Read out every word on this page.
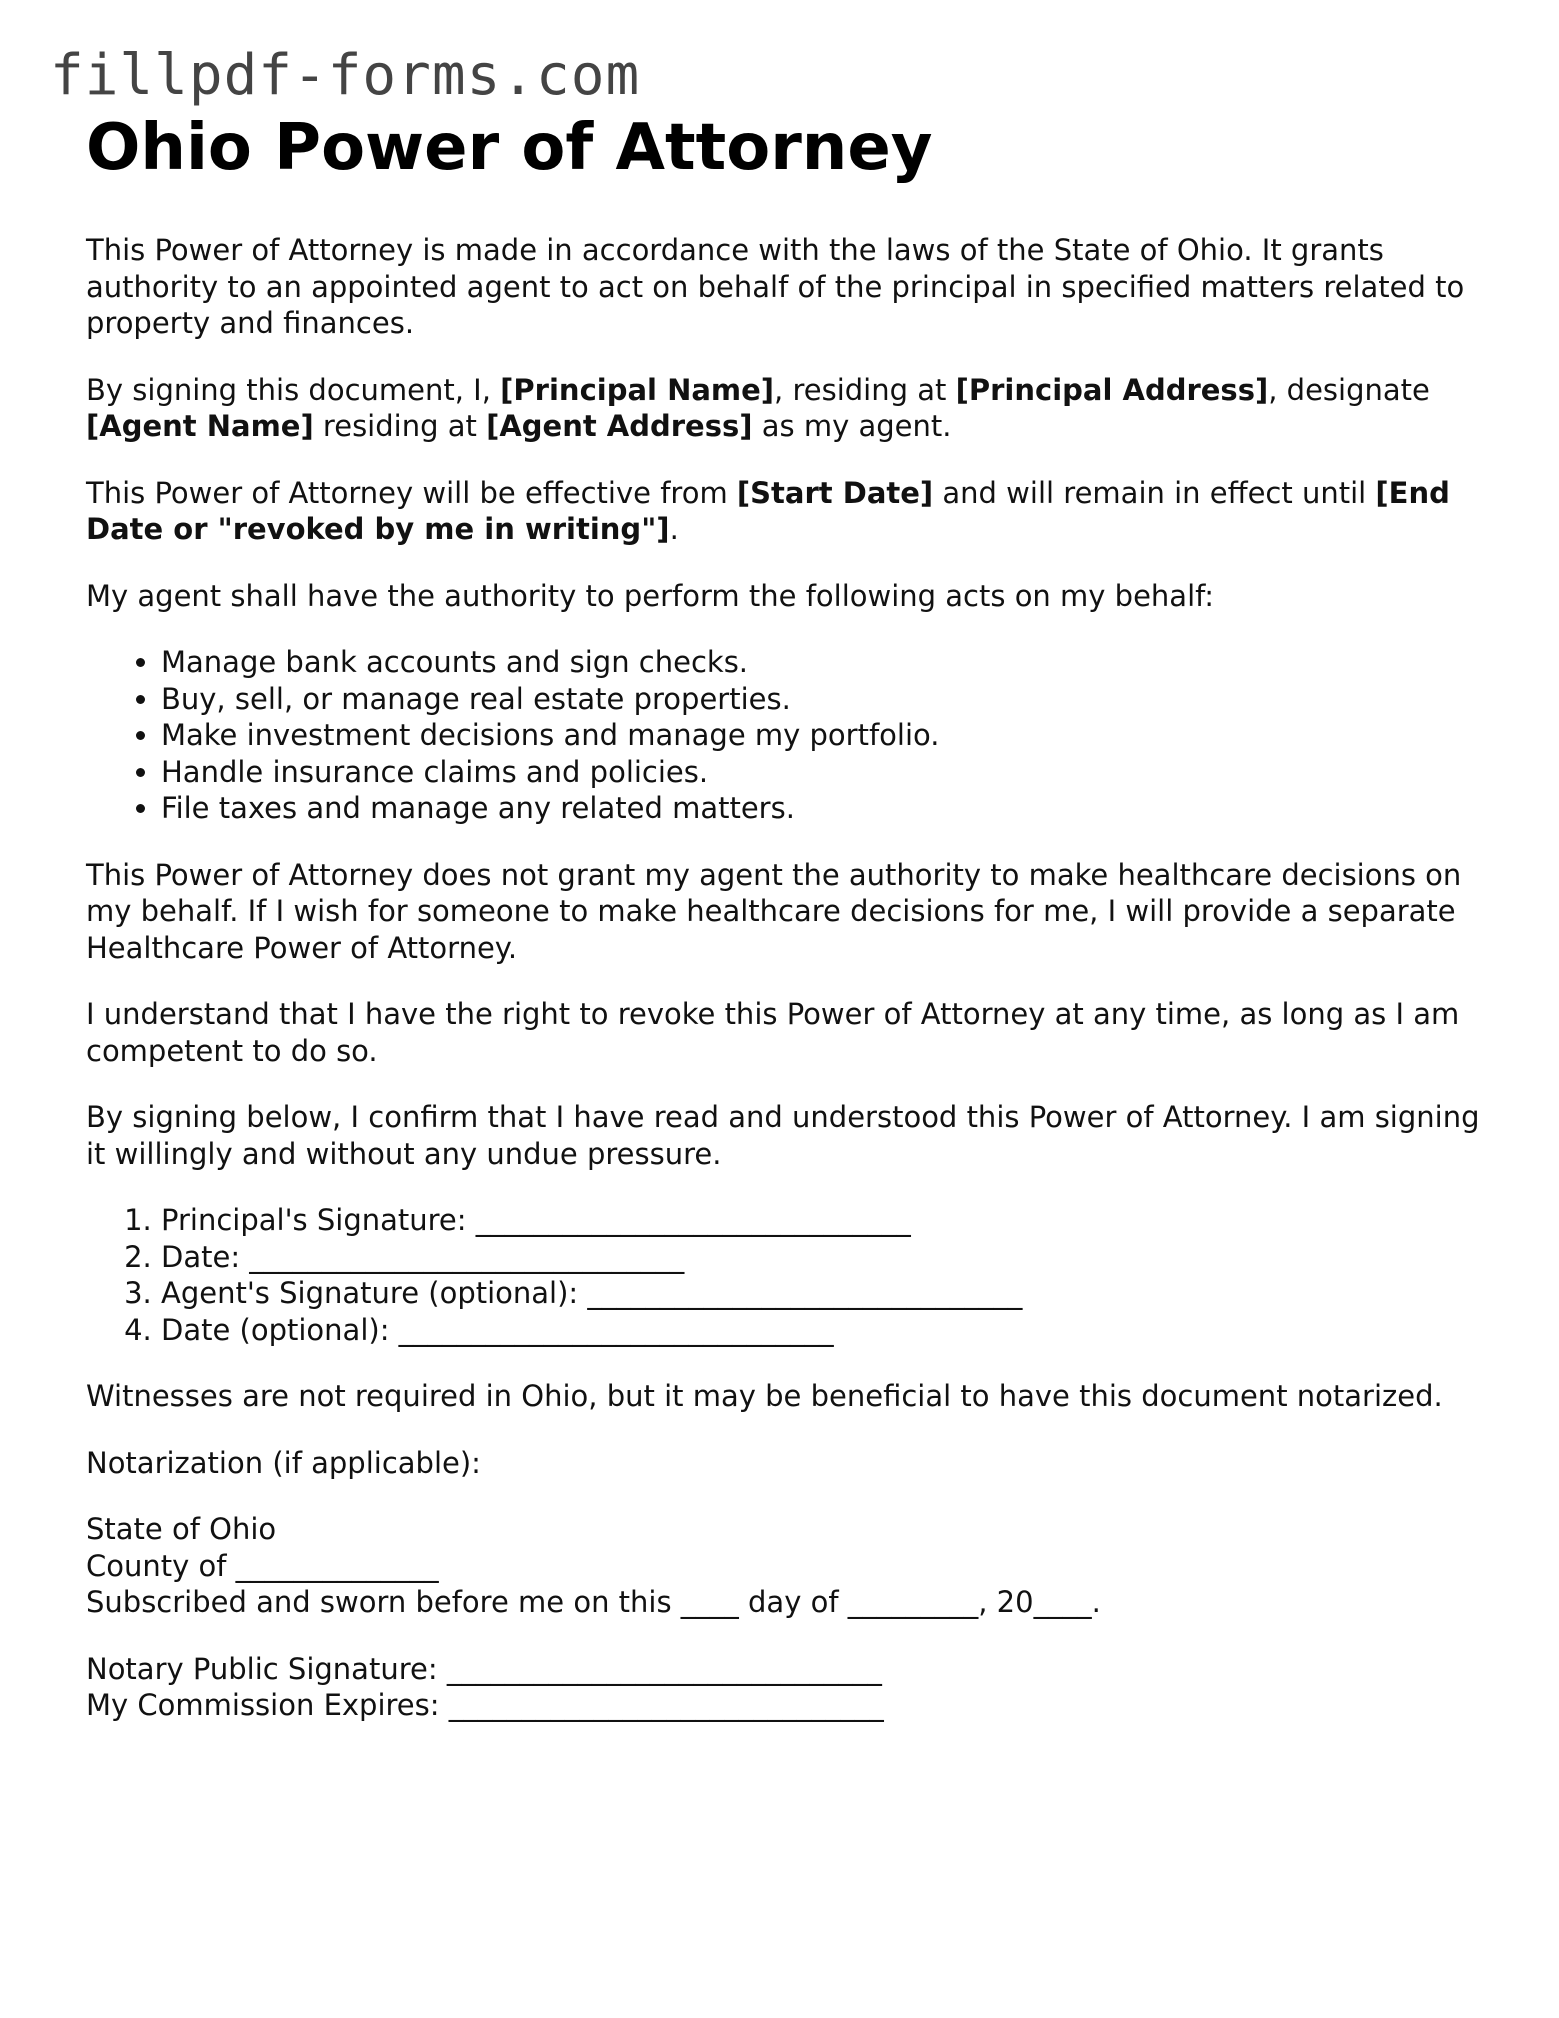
fillpdf-forms.com
Ohio Power of Attorney

This Power of Attorney is made in accordance with the laws of the State of Ohio. It grants authority to an appointed agent to act on behalf of the principal in specified matters related to property and finances.

By signing this document, I, [Principal Name], residing at [Principal Address], designate [Agent Name] residing at [Agent Address] as my agent.

This Power of Attorney will be effective from [Start Date] and will remain in effect until [End Date or "revoked by me in writing"].

My agent shall have the authority to perform the following acts on my behalf:

• Manage bank accounts and sign checks.
• Buy, sell, or manage real estate properties.
• Make investment decisions and manage my portfolio.
• Handle insurance claims and policies.
• File taxes and manage any related matters.

This Power of Attorney does not grant my agent the authority to make healthcare decisions on my behalf. If I wish for someone to make healthcare decisions for me, I will provide a separate Healthcare Power of Attorney.

I understand that I have the right to revoke this Power of Attorney at any time, as long as I am competent to do so.

By signing below, I confirm that I have read and understood this Power of Attorney. I am signing it willingly and without any undue pressure.

1. Principal's Signature: ______________________________
2. Date: ______________________________
3. Agent's Signature (optional): ______________________________
4. Date (optional): ______________________________

Witnesses are not required in Ohio, but it may be beneficial to have this document notarized.

Notarization (if applicable):

State of Ohio

County of ______________

Subscribed and sworn before me on this ____ day of _________, 20____.

Notary Public Signature: ______________________________

My Commission Expires: ______________________________
